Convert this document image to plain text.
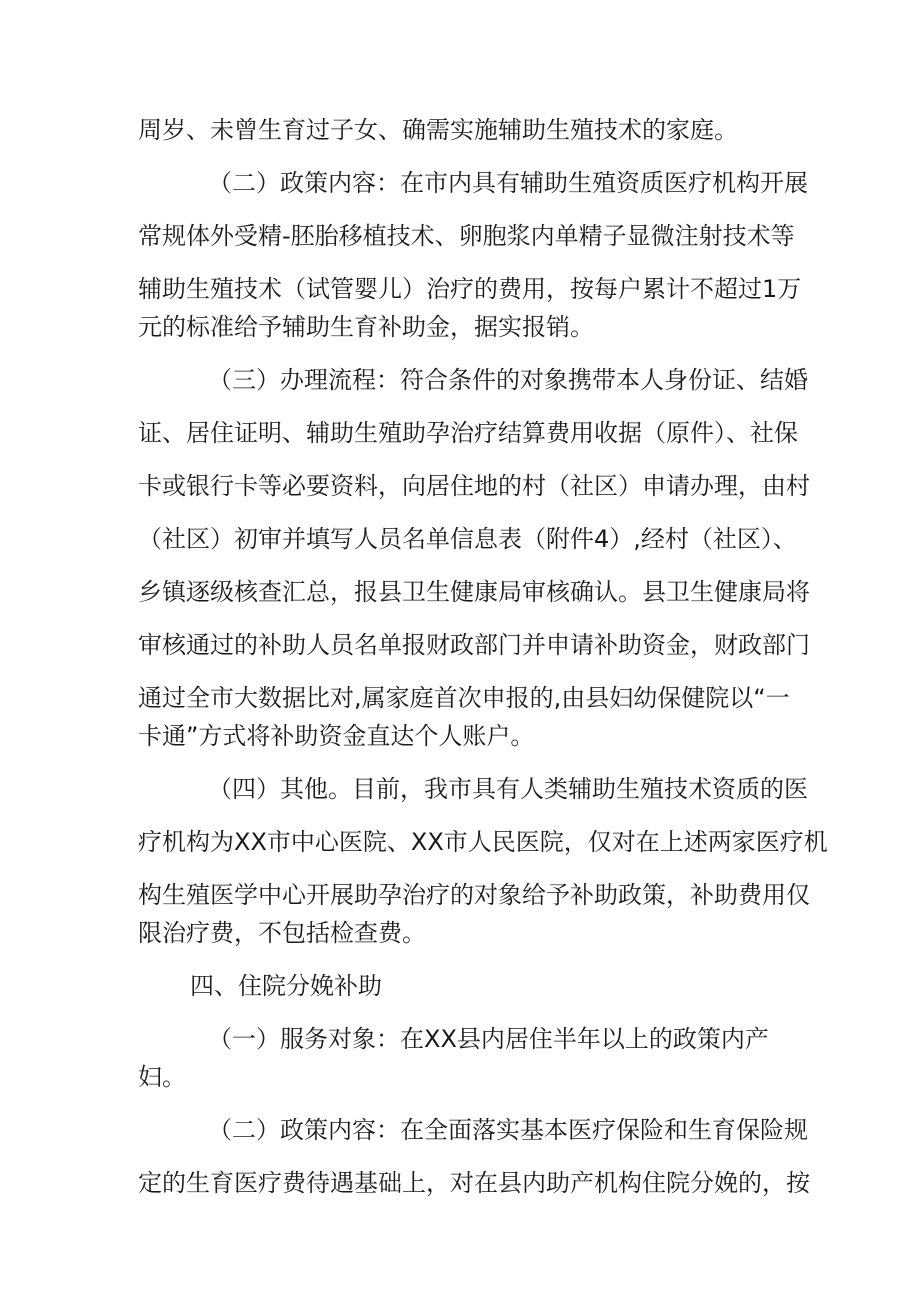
周岁、未曾生育过子女、确需实施辅助生殖技术的家庭。
（二）政策内容：在市内具有辅助生殖资质医疗机构开展
常规体外受精-胚胎移植技术、卵胞浆内单精子显微注射技术等
辅助生殖技术（试管婴儿）治疗的费用，按每户累计不超过1万
元的标准给予辅助生育补助金，据实报销。
（三）办理流程：符合条件的对象携带本人身份证、结婚
证、居住证明、辅助生殖助孕治疗结算费用收据（原件）、社保
卡或银行卡等必要资料，向居住地的村（社区）申请办理，由村
（社区）初审并填写人员名单信息表（附件4）,经村（社区）、
乡镇逐级核查汇总，报县卫生健康局审核确认。县卫生健康局将
审核通过的补助人员名单报财政部门并申请补助资金，财政部门
通过全市大数据比对,属家庭首次申报的,由县妇幼保健院以“一
卡通”方式将补助资金直达个人账户。
（四）其他。目前，我市具有人类辅助生殖技术资质的医
疗机构为XX市中心医院、XX市人民医院，仅对在上述两家医疗机
构生殖医学中心开展助孕治疗的对象给予补助政策，补助费用仅
限治疗费，不包括检查费。
四、住院分娩补助
（一）服务对象：在XX县内居住半年以上的政策内产
妇。
（二）政策内容：在全面落实基本医疗保险和生育保险规
定的生育医疗费待遇基础上，对在县内助产机构住院分娩的，按
